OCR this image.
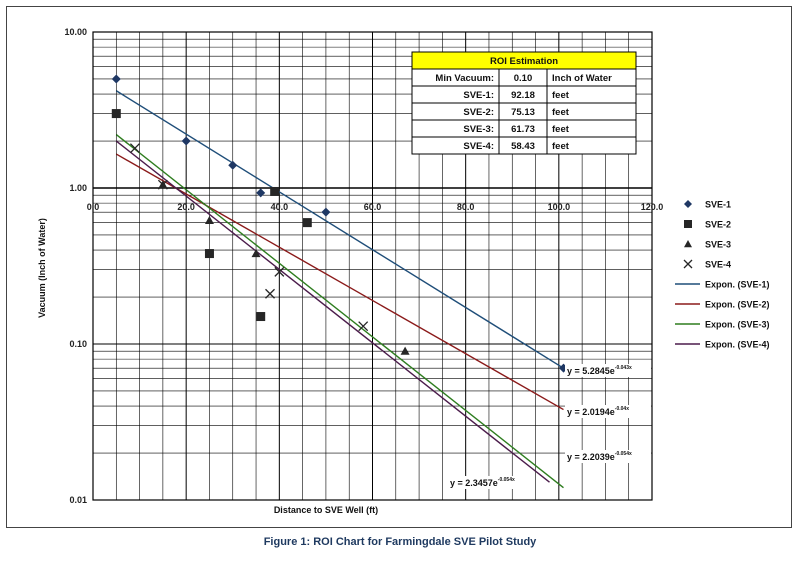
0.0	20.0	40.0	60.0	80.0	100.0	120.0
10.00
1.00
0.10
0.01
$y = 5.2845e^{-0.043x}$
$y = 2.0194e^{-0.04x}$
$y = 2.2039e^{-0.054x}$
$y = 2.3457e^{-0.054x}$
ROI Estimation
Min Vacuum: 0.10 Inch of Water
SVE-1: 92.18 feet
SVE-2: 75.13 feet
SVE-3: 61.73 feet
SVE-4: 58.43 feet
SVE-1
SVE-2
SVE-3
SVE-4
Expon. (SVE-1)
Expon. (SVE-2)
Expon. (SVE-3)
Expon. (SVE-4)
Distance to SVE Well (ft)
Vacuum (Inch of Water)
Figure 1: ROI Chart for Farmingdale SVE Pilot Study
